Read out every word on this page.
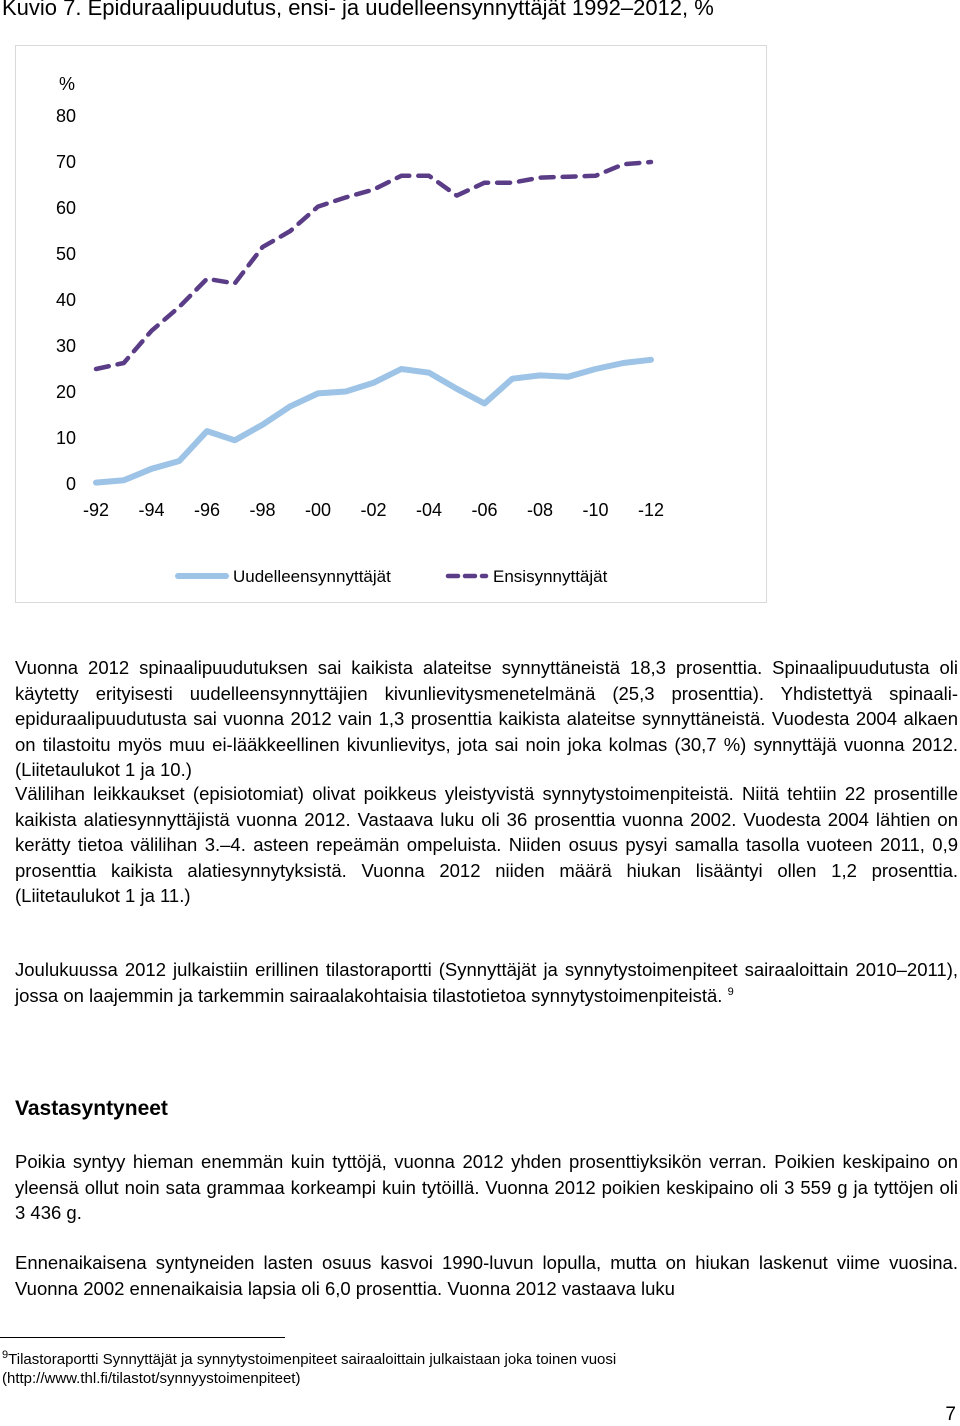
Kuvio 7. Epiduraalipuudutus, ensi- ja uudelleensynnyttäjät 1992–2012, %
%
0
10
20
30
40
50
60
70
80
-92 -94 -96 -98 -00 -02 -04 -06 -08 -10 -12
Uudelleensynnyttäjät	Ensisynnyttäjät

Vuonna 2012 spinaalipuudutuksen sai kaikista alateitse synnyttäneistä 18,3 prosenttia. Spinaalipuudutusta oli käytetty erityisesti uudelleensynnyttäjien kivunlievitysmenetelmänä (25,3 prosenttia). Yhdistettyä spinaali-epiduraalipuudutusta sai vuonna 2012 vain 1,3 prosenttia kaikista alateitse synnyttäneistä. Vuodesta 2004 alkaen on tilastoitu myös muu ei-lääkkeellinen kivunlievitys, jota sai noin joka kolmas (30,7 %) synnyttäjä vuonna 2012. (Liitetaulukot 1 ja 10.)

Välilihan leikkaukset (episiotomiat) olivat poikkeus yleistyvistä synnytystoimenpiteistä. Niitä tehtiin 22 prosentille kaikista alatiesynnyttäjistä vuonna 2012. Vastaava luku oli 36 prosenttia vuonna 2002. Vuodesta 2004 lähtien on kerätty tietoa välilihan 3.–4. asteen repeämän ompeluista. Niiden osuus pysyi samalla tasolla vuoteen 2011, 0,9 prosenttia kaikista alatiesynnytyksistä. Vuonna 2012 niiden määrä hiukan lisääntyi ollen 1,2 prosenttia. (Liitetaulukot 1 ja 11.)

Joulukuussa 2012 julkaistiin erillinen tilastoraportti (Synnyttäjät ja synnytystoimenpiteet sairaaloittain 2010–2011), jossa on laajemmin ja tarkemmin sairaalakohtaisia tilastotietoa synnytystoimenpiteistä. $^9$

Vastasyntyneet

Poikia syntyy hieman enemmän kuin tyttöjä, vuonna 2012 yhden prosenttiyksikön verran. Poikien keskipaino on yleensä ollut noin sata grammaa korkeampi kuin tytöillä. Vuonna 2012 poikien keskipaino oli 3 559 g ja tyttöjen oli 3 436 g.

Ennenaikaisena syntyneiden lasten osuus kasvoi 1990-luvun lopulla, mutta on hiukan laskenut viime vuosina. Vuonna 2002 ennenaikaisia lapsia oli 6,0 prosenttia. Vuonna 2012 vastaava luku

$^9$Tilastoraportti Synnyttäjät ja synnytystoimenpiteet sairaaloittain julkaistaan joka toinen vuosi
(http://www.thl.fi/tilastot/synnyystoimenpiteet)

7
